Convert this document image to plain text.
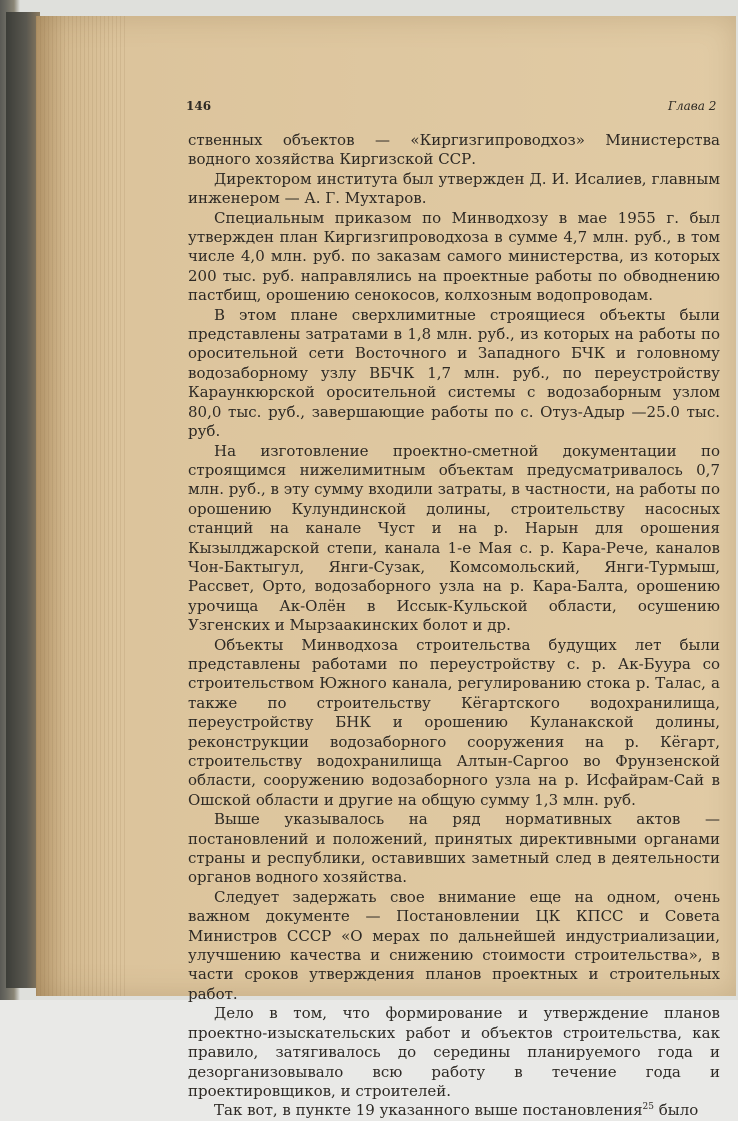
146	Глава 2

ственных объектов — «Киргизгипроводхоз» Министерства водного хозяйства Киргизской ССР.

Директором института был утвержден Д. И. Исалиев, главным инженером — А. Г. Мухтаров.

Специальным приказом по Минводхозу в мае 1955 г. был утвержден план Киргизгипроводхоза в сумме 4,7 млн. руб., в том числе 4,0 млн. руб. по заказам самого министерства, из которых 200 тыс. руб. направлялись на проектные работы по обводнению пастбищ, орошению сенокосов, колхозным водопроводам.

В этом плане сверхлимитные строящиеся объекты были представлены затратами в 1,8 млн. руб., из которых на работы по оросительной сети Восточного и Западного БЧК и головному водозаборному узлу ВБЧК 1,7 млн. руб., по переустройству Караункюрской оросительной системы с водозаборным узлом 80,0 тыс. руб., завершающие работы по с. Отуз-Адыр —25.0 тыс. руб.

На изготовление проектно-сметной документации по строящимся нижелимитным объектам предусматривалось 0,7 млн. руб., в эту сумму входили затраты, в частности, на работы по орошению Кулундинской долины, строительству насосных станций на канале Чуст и на р. Нарын для орошения Кызылджарской степи, канала 1-е Мая с. р. Кара-Рече, каналов Чон-Бактыгул, Янги-Сузак, Комсомольский, Янги-Турмыш, Рассвет, Орто, водозаборного узла на р. Кара-Балта, орошению урочища Ак-Олён в Иссык-Кульской области, осушению Узгенских и Мырзаакинских болот и др.

Объекты Минводхоза строительства будущих лет были представлены работами по переустройству с. р. Ак-Буура со строительством Южного канала, регулированию стока р. Талас, а также по строительству Кёгартского водохранилища, переустройству БНК и орошению Куланакской долины, реконструкции водозаборного сооружения на р. Кёгарт, строительству водохранилища Алтын-Саргоо во Фрунзенской области, сооружению водозаборного узла на р. Исфайрам-Сай в Ошской области и другие на общую сумму 1,3 млн. руб.

Выше указывалось на ряд нормативных актов — постановлений и положений, принятых директивными органами страны и республики, оставивших заметный след в деятельности органов водного хозяйства.

Следует задержать свое внимание еще на одном, очень важном документе — Постановлении ЦК КПСС и Совета Министров СССР «О мерах по дальнейшей индустриализации, улучшению качества и снижению стоимости строительства», в части сроков утверждения планов проектных и строительных работ.

Дело в том, что формирование и утверждение планов проектно-изыскательских работ и объектов строительства, как правило, затягивалось до середины планируемого года и дезорганизовывало всю работу в течение года и проектировщиков, и строителей.

Так вот, в пункте 19 указанного выше постановления$^{25}$ было
